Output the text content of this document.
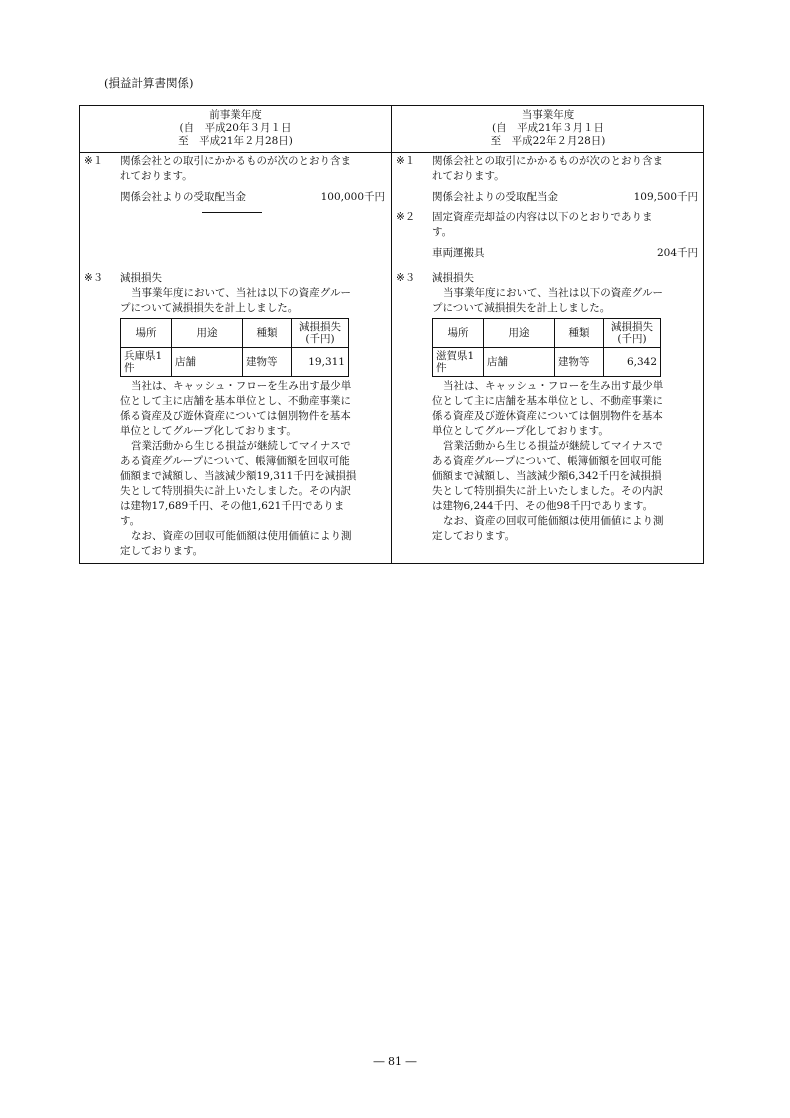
(損益計算書関係)
前事業年度
(自　平成20年３月１日
至　平成21年２月28日)
※１	関係会社との取引にかかるものが次のとおり含ま

れております。

関係会社よりの受取配当金	100,000千円
※３	減損損失

当事業年度において、当社は以下の資産グルー

プについて減損損失を計上しました。

場所	用途	種類	減損損失(千円)
兵庫県1件	店舗	建物等	19,311

当社は、キャッシュ・フローを生み出す最少単

位として主に店舗を基本単位とし、不動産事業に

係る資産及び遊休資産については個別物件を基本

単位としてグループ化しております。

営業活動から生じる損益が継続してマイナスで

ある資産グループについて、帳簿価額を回収可能

価額まで減額し、当該減少額19,311千円を減損損

失として特別損失に計上いたしました。その内訳

は建物17,689千円、その他1,621千円でありま

す。

なお、資産の回収可能価額は使用価値により測

定しております。

当事業年度
(自　平成21年３月１日
至　平成22年２月28日)
※１	関係会社との取引にかかるものが次のとおり含ま

れております。

関係会社よりの受取配当金	109,500千円
※２	固定資産売却益の内容は以下のとおりでありま

す。

車両運搬具	204千円
※３	減損損失

当事業年度において、当社は以下の資産グルー

プについて減損損失を計上しました。

場所	用途	種類	減損損失(千円)
滋賀県1件	店舗	建物等	6,342

当社は、キャッシュ・フローを生み出す最少単

位として主に店舗を基本単位とし、不動産事業に

係る資産及び遊休資産については個別物件を基本

単位としてグループ化しております。

営業活動から生じる損益が継続してマイナスで

ある資産グループについて、帳簿価額を回収可能

価額まで減額し、当該減少額6,342千円を減損損

失として特別損失に計上いたしました。その内訳

は建物6,244千円、その他98千円であります。

なお、資産の回収可能価額は使用価値により測

定しております。

― 81 ―
